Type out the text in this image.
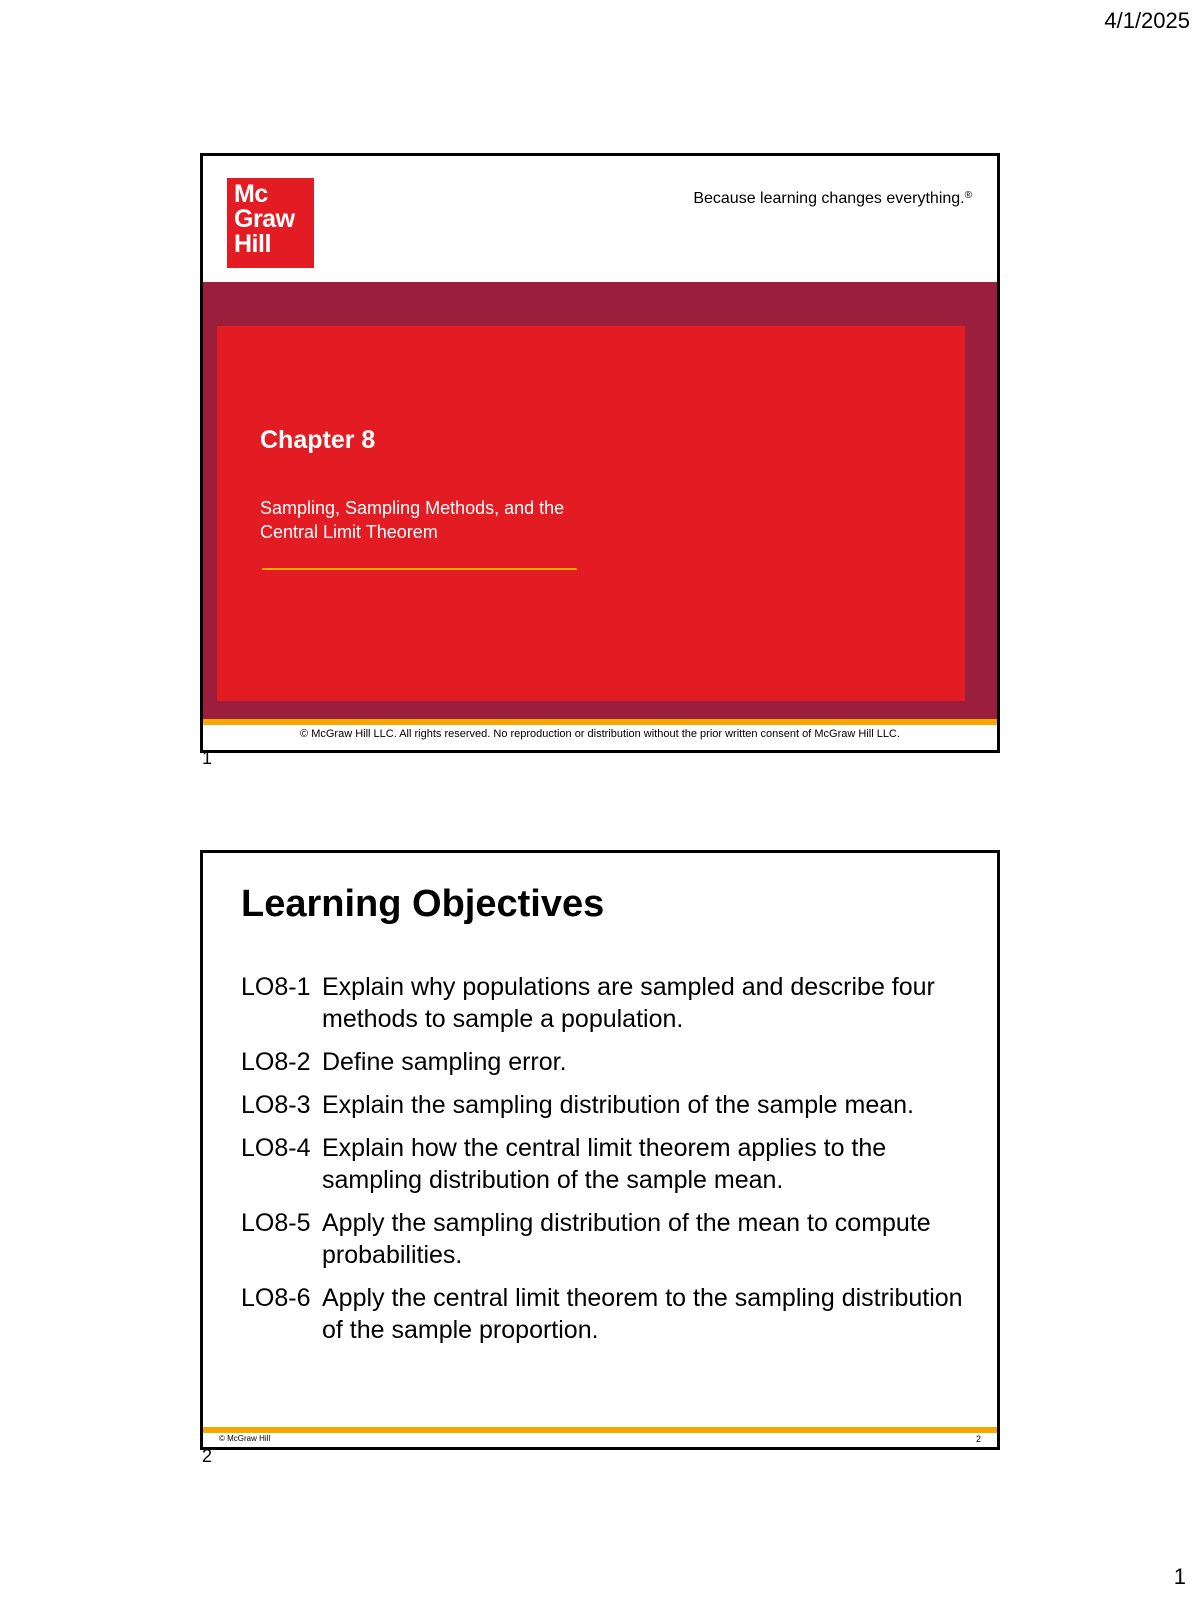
4/1/2025
Mc
Graw
Hill
Because learning changes everything.®
Chapter 8
Sampling, Sampling Methods, and the
Central Limit Theorem
© McGraw Hill LLC. All rights reserved. No reproduction or distribution without the prior written consent of McGraw Hill LLC.
1
Learning Objectives
LO8-1 Explain why populations are sampled and describe four methods to sample a population.
LO8-2 Define sampling error.
LO8-3 Explain the sampling distribution of the sample mean.
LO8-4 Explain how the central limit theorem applies to the sampling distribution of the sample mean.
LO8-5 Apply the sampling distribution of the mean to compute probabilities.
LO8-6 Apply the central limit theorem to the sampling distribution of the sample proportion.
© McGraw Hill	2
2
1
